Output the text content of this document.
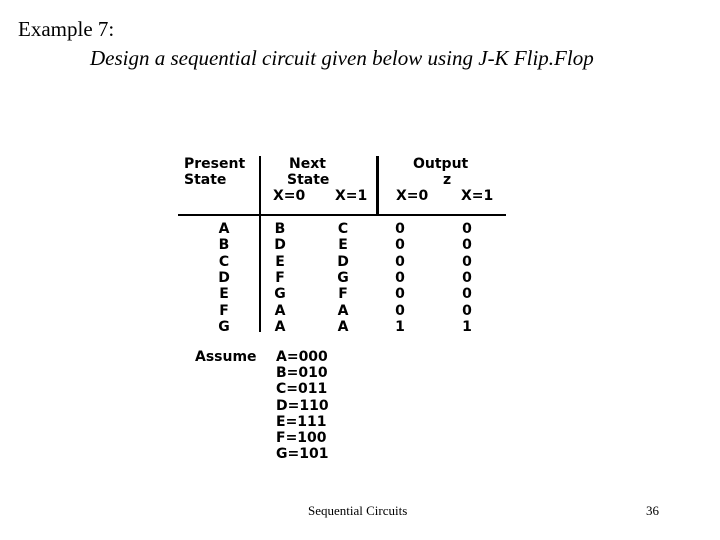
Example 7:
Design a sequential circuit given below using J-K Flip.Flop
Present
State
Next
State
Output
z
X=0 X=1 X=0 X=1
A	B	C	0	0
B	D	E	0	0
C	E	D	0	0
D	F	G	0	0
E	G	F	0	0
F	A	A	0	0
G	A	A	1	1
Assume A=000
B=010
C=011
D=110
E=111
F=100
G=101
Sequential Circuits	36
